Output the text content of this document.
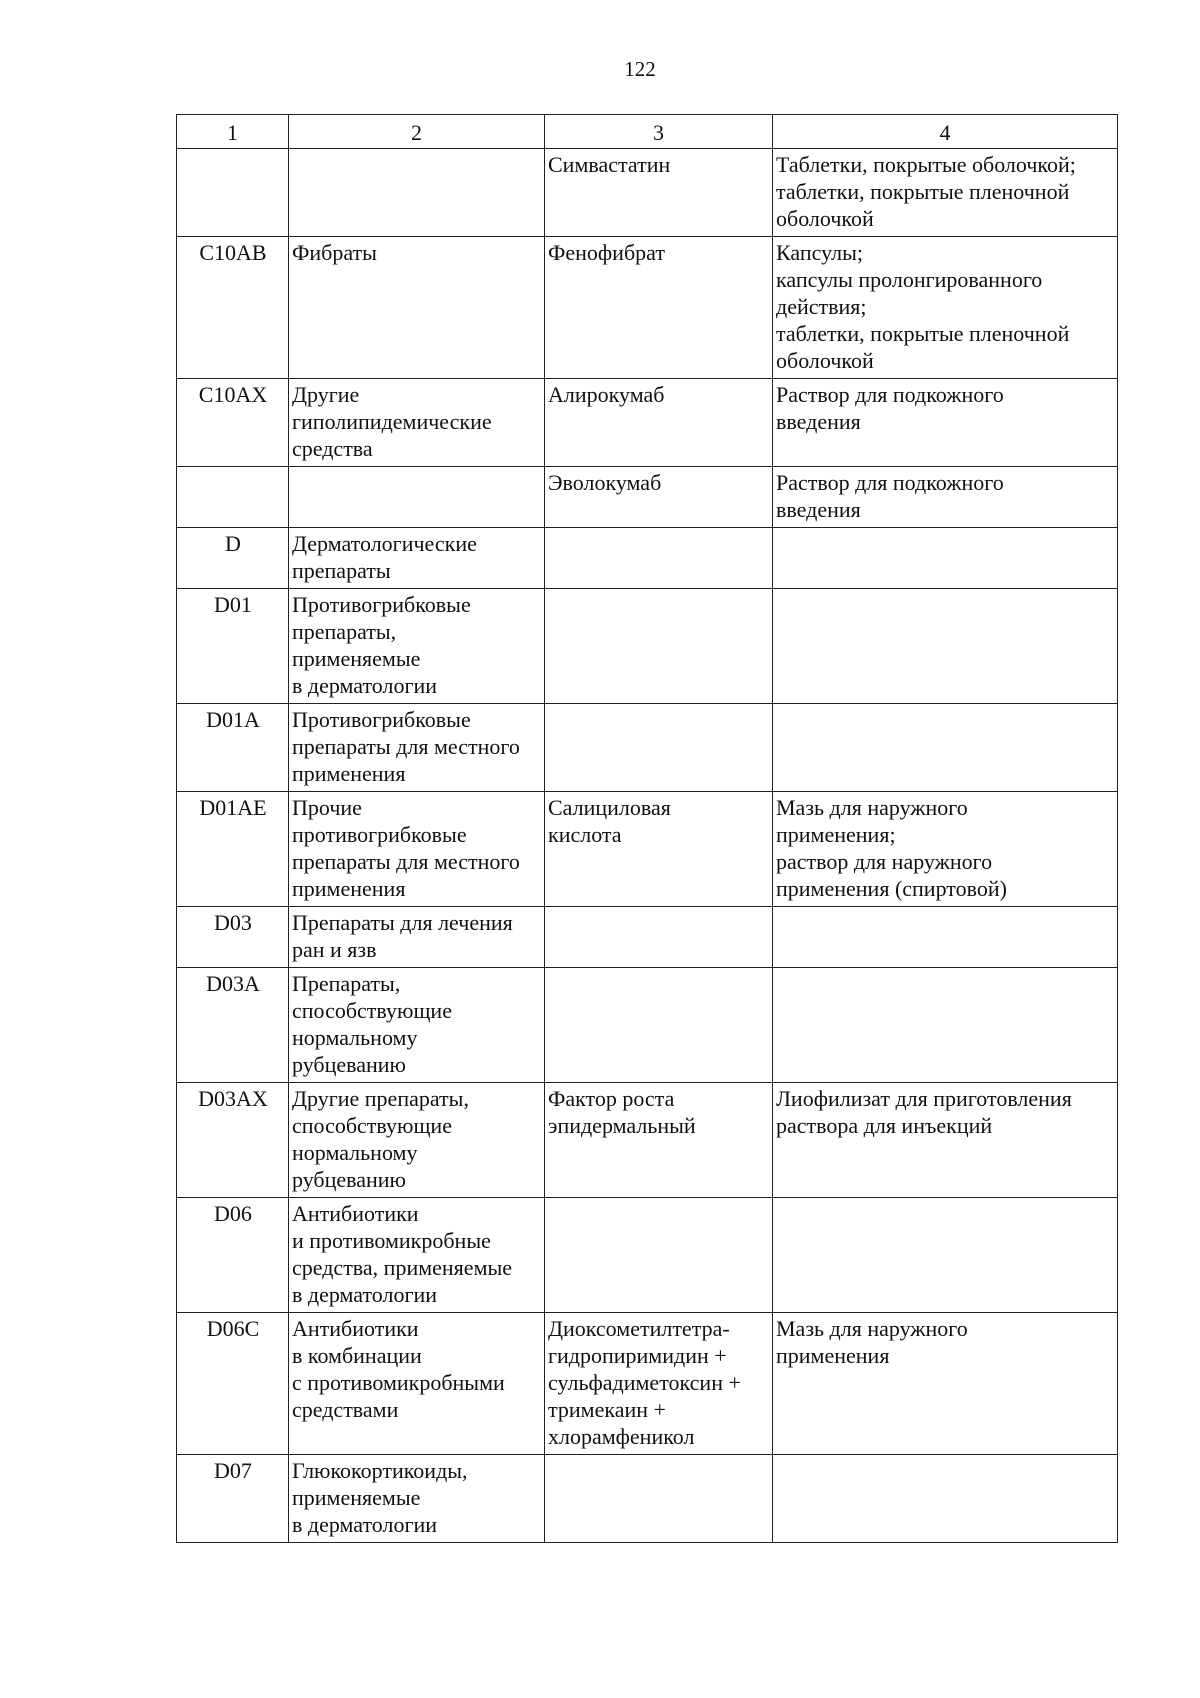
122
1	2	3	4
		Симвастатин	Таблетки, покрытые оболочкой;
таблетки, покрытые пленочной
оболочкой
C10AB	Фибраты	Фенофибрат	Капсулы;
капсулы пролонгированного
действия;
таблетки, покрытые пленочной
оболочкой
C10AX	Другие
гиполипидемические
средства	Алирокумаб	Раствор для подкожного
введения
		Эволокумаб	Раствор для подкожного
введения
D	Дерматологические
препараты		
D01	Противогрибковые
препараты,
применяемые
в дерматологии		
D01A	Противогрибковые
препараты для местного
применения		
D01AE	Прочие
противогрибковые
препараты для местного
применения	Салициловая
кислота	Мазь для наружного
применения;
раствор для наружного
применения (спиртовой)
D03	Препараты для лечения
ран и язв		
D03A	Препараты,
способствующие
нормальному
рубцеванию		
D03AX	Другие препараты,
способствующие
нормальному
рубцеванию	Фактор роста
эпидермальный	Лиофилизат для приготовления
раствора для инъекций
D06	Антибиотики
и противомикробные
средства, применяемые
в дерматологии		
D06C	Антибиотики
в комбинации
с противомикробными
средствами	Диоксометилтетра-
гидропиримидин +
сульфадиметоксин +
тримекаин +
хлорамфеникол	Мазь для наружного
применения
D07	Глюкокортикоиды,
применяемые
в дерматологии		
